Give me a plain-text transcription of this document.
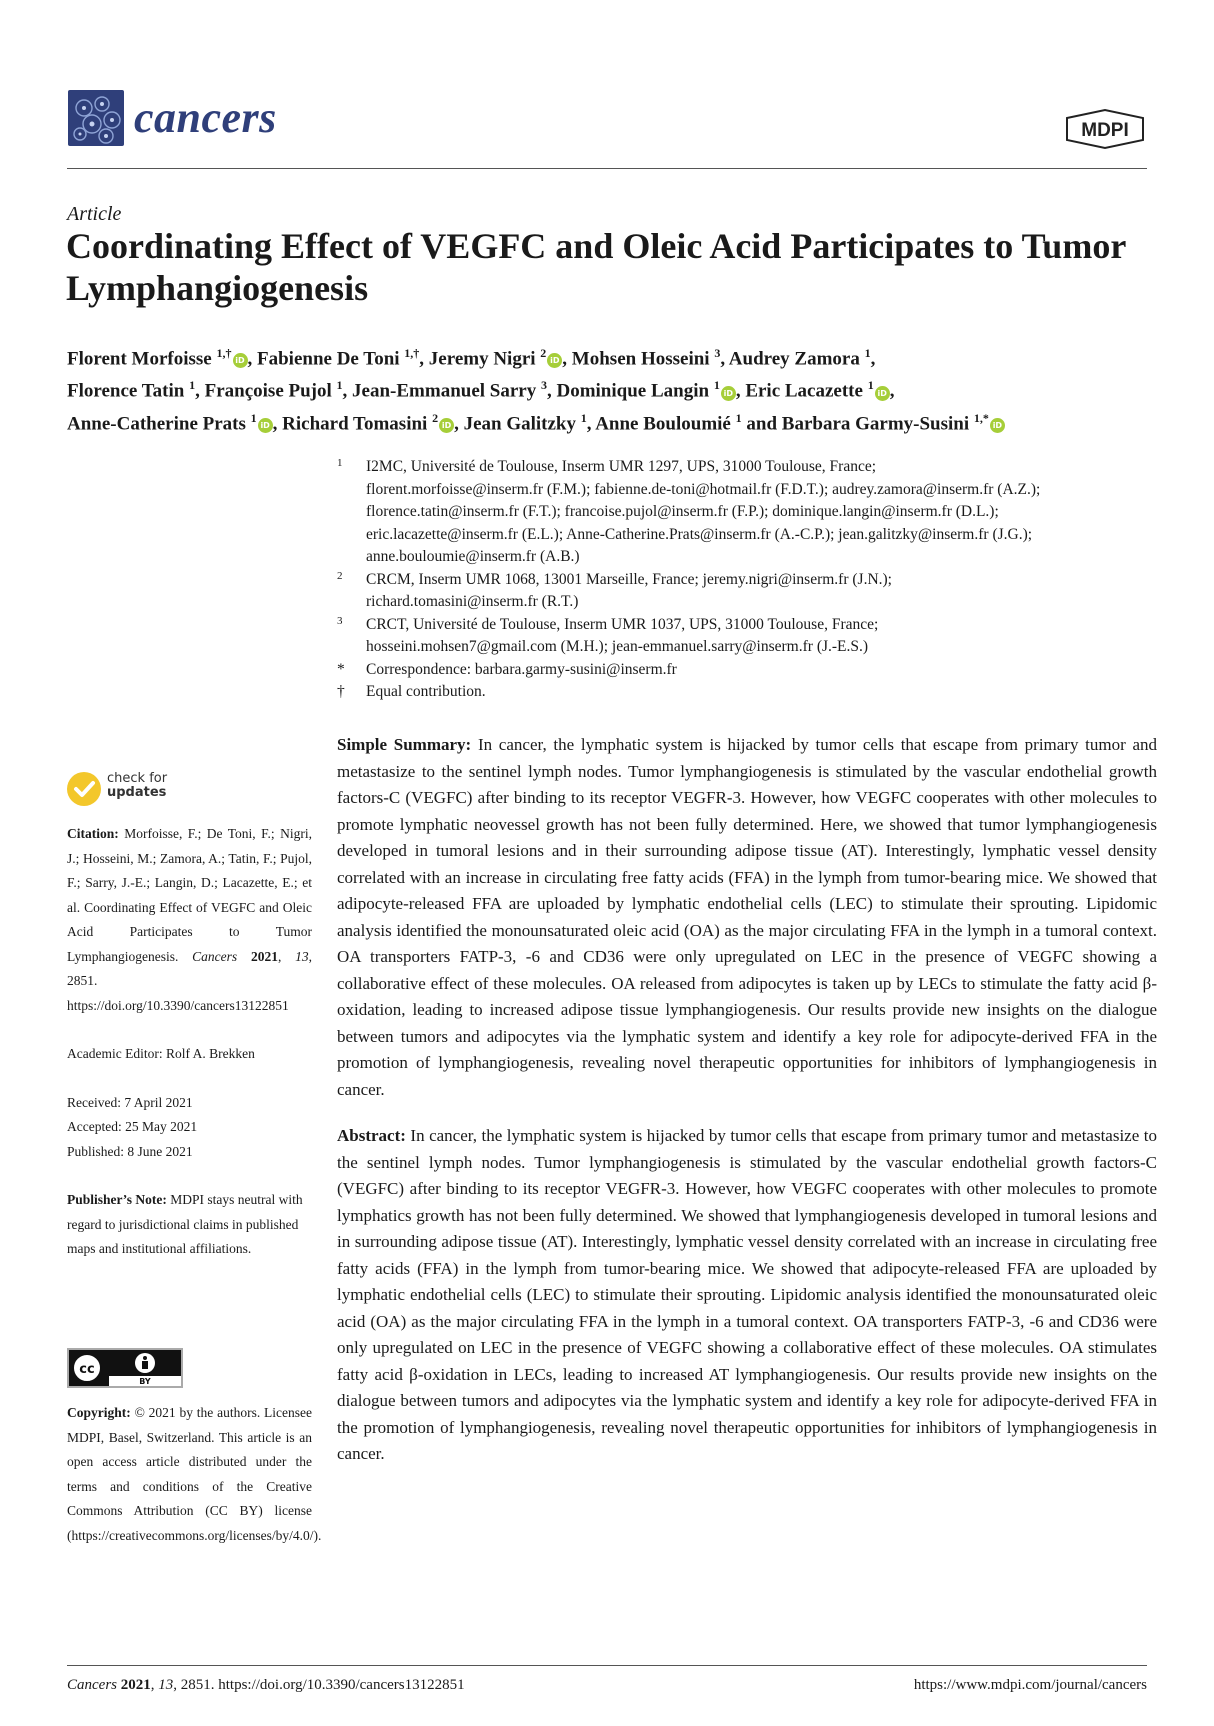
cancers	MDPI
Article
Coordinating Effect of VEGFC and Oleic Acid Participates to Tumor Lymphangiogenesis

Florent Morfoisse $^{1,\dagger}$iD , Fabienne De Toni $^{1,\dagger}$, Jeremy Nigri $^2$iD , Mohsen Hosseini $^3$, Audrey Zamora $^1$,

Florence Tatin $^1$, Françoise Pujol $^1$, Jean-Emmanuel Sarry $^3$, Dominique Langin $^1$iD , Eric Lacazette $^1$iD ,

Anne-Catherine Prats $^1$iD , Richard Tomasini $^2$iD , Jean Galitzky $^1$, Anne Bouloumié $^1$ and Barbara Garmy-Susini $^{1,*}$iD

1 I2MC, Université de Toulouse, Inserm UMR 1297, UPS, 31000 Toulouse, France;
florent.morfoisse@inserm.fr (F.M.); fabienne.de-toni@hotmail.fr (F.D.T.); audrey.zamora@inserm.fr (A.Z.);
florence.tatin@inserm.fr (F.T.); francoise.pujol@inserm.fr (F.P.); dominique.langin@inserm.fr (D.L.);
eric.lacazette@inserm.fr (E.L.); Anne-Catherine.Prats@inserm.fr (A.-C.P.); jean.galitzky@inserm.fr (J.G.);
anne.bouloumie@inserm.fr (A.B.)
2 CRCM, Inserm UMR 1068, 13001 Marseille, France; jeremy.nigri@inserm.fr (J.N.);
richard.tomasini@inserm.fr (R.T.)
3 CRCT, Université de Toulouse, Inserm UMR 1037, UPS, 31000 Toulouse, France;
hosseini.mohsen7@gmail.com (M.H.); jean-emmanuel.sarry@inserm.fr (J.-E.S.)
* Correspondence: barbara.garmy-susini@inserm.fr
† Equal contribution.
check for
updates

Citation: Morfoisse, F.; De Toni, F.; Nigri, J.; Hosseini, M.; Zamora, A.; Tatin, F.; Pujol, F.; Sarry, J.-E.; Langin, D.; Lacazette, E.; et al. Coordinating Effect of VEGFC and Oleic Acid Participates to Tumor Lymphangiogenesis. Cancers 2021, 13, 2851. https://doi.org/10.3390/cancers13122851

Academic Editor: Rolf A. Brekken

Received: 7 April 2021

Accepted: 25 May 2021

Published: 8 June 2021

Publisher’s Note: MDPI stays neutral with regard to jurisdictional claims in published maps and institutional affiliations.

cc
BY
Copyright: © 2021 by the authors. Licensee MDPI, Basel, Switzerland. This article is an open access article distributed under the terms and conditions of the Creative Commons Attribution (CC BY) license (https://creativecommons.org/licenses/by/4.0/).

Simple Summary: In cancer, the lymphatic system is hijacked by tumor cells that escape from primary tumor and metastasize to the sentinel lymph nodes. Tumor lymphangiogenesis is stimulated by the vascular endothelial growth factors-C (VEGFC) after binding to its receptor VEGFR-3. However, how VEGFC cooperates with other molecules to promote lymphatic neovessel growth has not been fully determined. Here, we showed that tumor lymphangiogenesis developed in tumoral lesions and in their surrounding adipose tissue (AT). Interestingly, lymphatic vessel density correlated with an increase in circulating free fatty acids (FFA) in the lymph from tumor-bearing mice. We showed that adipocyte-released FFA are uploaded by lymphatic endothelial cells (LEC) to stimulate their sprouting. Lipidomic analysis identified the monounsaturated oleic acid (OA) as the major circulating FFA in the lymph in a tumoral context. OA transporters FATP-3, -6 and CD36 were only upregulated on LEC in the presence of VEGFC showing a collaborative effect of these molecules. OA released from adipocytes is taken up by LECs to stimulate the fatty acid β-oxidation, leading to increased adipose tissue lymphangiogenesis. Our results provide new insights on the dialogue between tumors and adipocytes via the lymphatic system and identify a key role for adipocyte-derived FFA in the promotion of lymphangiogenesis, revealing novel therapeutic opportunities for inhibitors of lymphangiogenesis in cancer.

Abstract: In cancer, the lymphatic system is hijacked by tumor cells that escape from primary tumor and metastasize to the sentinel lymph nodes. Tumor lymphangiogenesis is stimulated by the vascular endothelial growth factors-C (VEGFC) after binding to its receptor VEGFR-3. However, how VEGFC cooperates with other molecules to promote lymphatics growth has not been fully determined. We showed that lymphangiogenesis developed in tumoral lesions and in surrounding adipose tissue (AT). Interestingly, lymphatic vessel density correlated with an increase in circulating free fatty acids (FFA) in the lymph from tumor-bearing mice. We showed that adipocyte-released FFA are uploaded by lymphatic endothelial cells (LEC) to stimulate their sprouting. Lipidomic analysis identified the monounsaturated oleic acid (OA) as the major circulating FFA in the lymph in a tumoral context. OA transporters FATP-3, -6 and CD36 were only upregulated on LEC in the presence of VEGFC showing a collaborative effect of these molecules. OA stimulates fatty acid β-oxidation in LECs, leading to increased AT lymphangiogenesis. Our results provide new insights on the dialogue between tumors and adipocytes via the lymphatic system and identify a key role for adipocyte-derived FFA in the promotion of lymphangiogenesis, revealing novel therapeutic opportunities for inhibitors of lymphangiogenesis in cancer.

Cancers 2021, 13, 2851. https://doi.org/10.3390/cancers13122851	https://www.mdpi.com/journal/cancers
